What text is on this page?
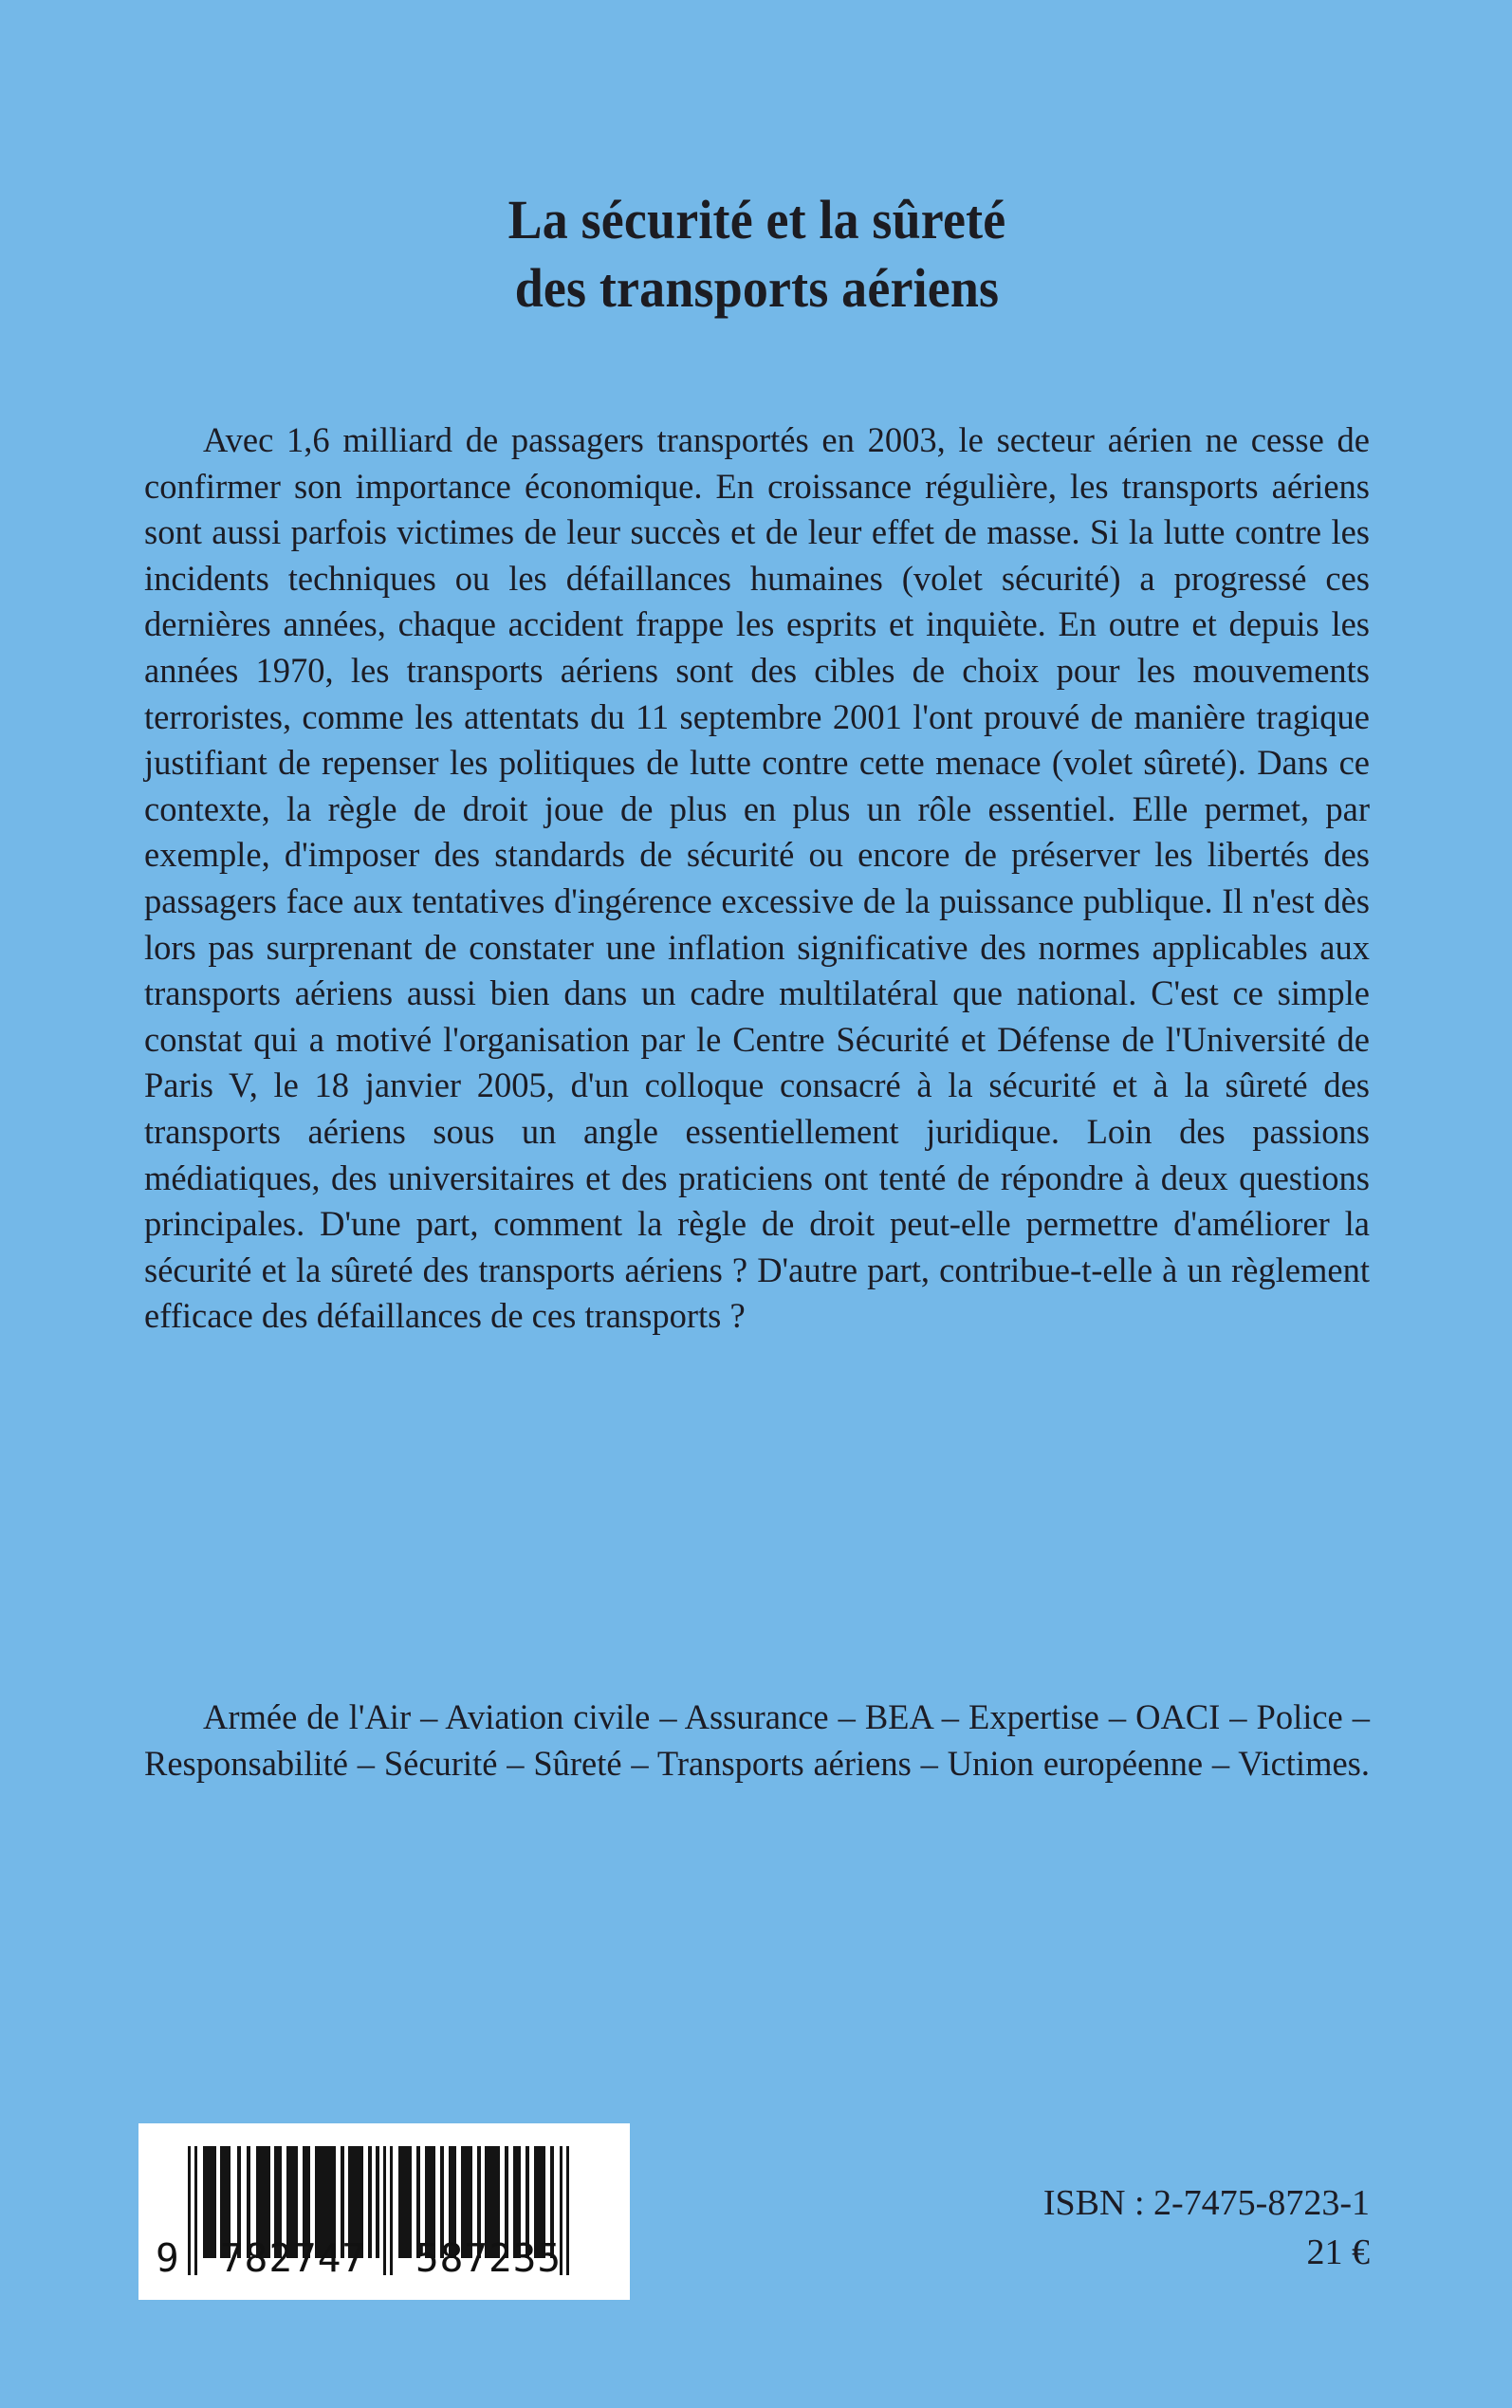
La sécurité et la sûreté
des transports aériens
Avec 1,6 milliard de passagers transportés en 2003, le secteur aérien ne cesse de confirmer son importance économique. En croissance régulière, les transports aériens sont aussi parfois victimes de leur succès et de leur effet de masse. Si la lutte contre les incidents techniques ou les défaillances humaines (volet sécurité) a progressé ces dernières années, chaque accident frappe les esprits et inquiète. En outre et depuis les années 1970, les transports aériens sont des cibles de choix pour les mouvements terroristes, comme les attentats du 11 septembre 2001 l'ont prouvé de manière tragique justifiant de repenser les politiques de lutte contre cette menace (volet sûreté). Dans ce contexte, la règle de droit joue de plus en plus un rôle essentiel. Elle permet, par exemple, d'imposer des standards de sécurité ou encore de préserver les libertés des passagers face aux tentatives d'ingérence excessive de la puissance publique. Il n'est dès lors pas surprenant de constater une inflation significative des normes applicables aux transports aériens aussi bien dans un cadre multilatéral que national. C'est ce simple constat qui a motivé l'organisation par le Centre Sécurité et Défense de l'Université de Paris V, le 18 janvier 2005, d'un colloque consacré à la sécurité et à la sûreté des transports aériens sous un angle essentiellement juridique. Loin des passions médiatiques, des universitaires et des praticiens ont tenté de répondre à deux questions principales. D'une part, comment la règle de droit peut-elle permettre d'améliorer la sécurité et la sûreté des transports aériens ? D'autre part, contribue-t-elle à un règlement efficace des défaillances de ces transports ?
Armée de l'Air – Aviation civile – Assurance – BEA – Expertise – OACI – Police – Responsabilité – Sécurité – Sûreté – Transports aériens – Union européenne – Victimes.
9 782747 587235
ISBN : 2-7475-8723-1
21 €
